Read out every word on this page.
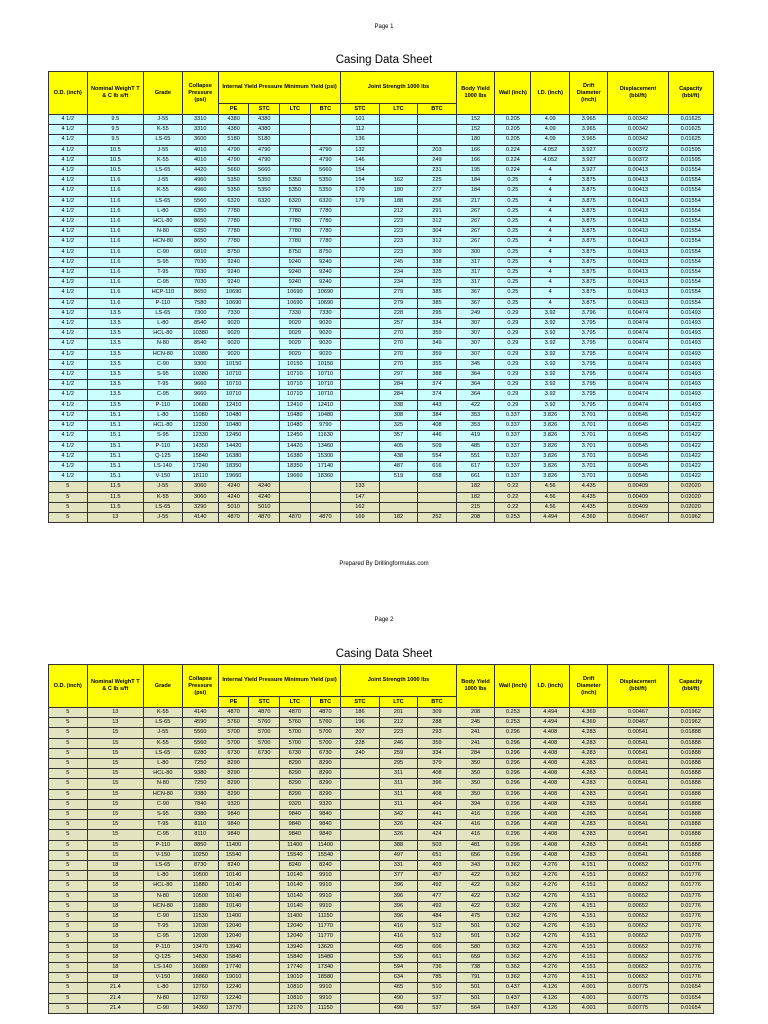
Page 1
Casing Data Sheet
O.D. (inch)	Nominal WeighT T & C lb s/ft	Grade	Collapse Pressure (psi)	Internal Yield Pressure Minimum Yield (psi)				Joint Strength 1000 lbs			Body Yield 1000 lbs	Wall (inch)	I.D. (inch)	Drift Diameter (inch)	Displacement (bbl/ft)	Capacity (bbl/ft)
				PE	STC	LTC	BTC	STC	LTC	BTC						
4 1/2	9.5	J-55	3310	4380	4380			101			152	0.205	4.09	3.965	0.00342	0.01625
4 1/2	9.5	K-55	3310	4380	4380			112			152	0.205	4.09	3.965	0.00342	0.01625
4 1/2	9.5	LS-65	3600	5180	5180			136			180	0.205	4.09	3.965	0.00342	0.01625
4 1/2	10.5	J-55	4010	4790	4790		4790	132		203	166	0.224	4.052	3.927	0.00372	0.01595
4 1/2	10.5	K-55	4010	4790	4790		4790	146		249	166	0.224	4.052	3.927	0.00372	0.01595
4 1/2	10.5	LS-65	4420	5660	5660		5660	154		231	195	0.224	4	3.927	0.00413	0.01554
4 1/2	11.6	J-55	4960	5350	5350	5350	5350	154	162	225	184	0.25	4	3.875	0.00413	0.01554
4 1/2	11.6	K-55	4960	5350	5350	5350	5350	170	180	277	184	0.25	4	3.875	0.00413	0.01554
4 1/2	11.6	LS-65	5560	6320	6320	6320	6320	179	188	256	217	0.25	4	3.875	0.00413	0.01554
4 1/2	11.6	L-80	6350	7780		7780	7780		212	291	267	0.25	4	3.875	0.00413	0.01554
4 1/2	11.6	HCL-80	8650	7780		7780	7780		223	312	267	0.25	4	3.875	0.00413	0.01554
4 1/2	11.6	N-80	6350	7780		7780	7780		223	304	267	0.25	4	3.875	0.00413	0.01554
4 1/2	11.6	HCN-80	8650	7780		7780	7780		223	312	267	0.25	4	3.875	0.00413	0.01554
4 1/2	11.6	C-90	6810	8750		8750	8750		223	309	300	0.25	4	3.875	0.00413	0.01554
4 1/2	11.6	S-95	7030	9240		9240	9240		245	338	317	0.25	4	3.875	0.00413	0.01554
4 1/2	11.6	T-95	7030	9240		9240	9240		234	325	317	0.25	4	3.875	0.00413	0.01554
4 1/2	11.6	C-95	7030	9240		9240	9240		234	325	317	0.25	4	3.875	0.00413	0.01554
4 1/2	11.6	HCP-110	8650	10690		10690	10690		279	385	367	0.25	4	3.875	0.00413	0.01554
4 1/2	11.6	P-110	7580	10690		10690	10690		279	385	367	0.25	4	3.875	0.00413	0.01554
4 1/2	13.5	LS-65	7300	7330		7330	7330		228	295	249	0.29	3.92	3.796	0.00474	0.01493
4 1/2	13.5	L-80	8540	9020		9020	9020		257	334	307	0.29	3.92	3.795	0.00474	0.01493
4 1/2	13.5	HCL-80	10380	9020		9020	9020		270	359	307	0.29	3.92	3.795	0.00474	0.01493
4 1/2	13.5	N-80	8540	9020		9020	9020		270	349	307	0.29	3.92	3.795	0.00474	0.01493
4 1/2	13.5	HCN-80	10380	9020		9020	9020		270	359	307	0.29	3.92	3.795	0.00474	0.01493
4 1/2	13.5	C-90	9300	10150		10150	10150		270	355	345	0.29	3.92	3.795	0.00474	0.01493
4 1/2	13.5	S-95	10380	10710		10710	10710		297	388	364	0.29	3.92	3.795	0.00474	0.01493
4 1/2	13.5	T-95	9660	10710		10710	10710		284	374	364	0.29	3.92	3.795	0.00474	0.01493
4 1/2	13.5	C-95	9660	10710		10710	10710		284	374	364	0.29	3.92	3.795	0.00474	0.01493
4 1/2	13.5	P-110	10680	12410		12410	12410		338	443	422	0.29	3.92	3.795	0.00474	0.01493
4 1/2	15.1	L-80	11080	10480		10480	10480		308	384	353	0.337	3.826	3.701	0.00545	0.01422
4 1/2	15.1	HCL-80	12330	10480		10480	9790		325	408	353	0.337	3.826	3.701	0.00545	0.01422
4 1/2	15.1	S-95	12330	12450		12450	11630		357	446	419	0.337	3.826	3.701	0.00545	0.01422
4 1/2	15.1	P-110	14350	14420		14420	13460		405	509	485	0.337	3.826	3.701	0.00545	0.01422
4 1/2	15.1	Q-125	15840	16380		16380	15300		438	554	551	0.337	3.826	3.701	0.00545	0.01422
4 1/2	15.1	LS-140	17240	18350		18350	17140		487	616	617	0.337	3.826	3.701	0.00545	0.01422
4 1/2	15.1	V-150	18110	19660		19660	18360		519	658	661	0.337	3.826	3.701	0.00545	0.01422
5	11.5	J-55	3060	4240	4240			133			182	0.22	4.56	4.435	0.00409	0.02020
5	11.5	K-55	3060	4240	4240			147			182	0.22	4.56	4.435	0.00409	0.02020
5	11.5	LS-65	3290	5010	5010			162			215	0.22	4.56	4.435	0.00409	0.02020
5	13	J-55	4140	4870	4870	4870	4870	169	182	252	208	0.253	4.494	4.369	0.00467	0.01962
Prepared By Drillingformulas.com
Page 2
Casing Data Sheet
O.D. (inch)	Nominal WeighT T & C lb s/ft	Grade	Collapse Pressure (psi)	Internal Yield Pressure Minimum Yield (psi)				Joint Strength 1000 lbs			Body Yield 1000 lbs	Wall (inch)	I.D. (inch)	Drift Diameter (inch)	Displacement (bbl/ft)	Capacity (bbl/ft)
				PE	STC	LTC	BTC	STC	LTC	BTC						
5	13	K-55	4140	4870	4870	4870	4870	186	201	309	208	0.253	4.494	4.369	0.00467	0.01962
5	13	LS-65	4590	5760	5760	5760	5760	196	212	288	245	0.253	4.494	4.369	0.00467	0.01962
5	15	J-55	5560	5700	5700	5700	5700	207	223	293	241	0.296	4.408	4.283	0.00541	0.01888
5	15	K-55	5560	5700	5700	5700	5700	228	246	359	241	0.296	4.408	4.283	0.00541	0.01888
5	15	LS-65	6280	6730	6730	6730	6730	240	259	334	284	0.296	4.408	4.283	0.00541	0.01888
5	15	L-80	7250	8290		8290	8290		295	379	350	0.296	4.408	4.283	0.00541	0.01888
5	15	HCL-80	9380	8290		8290	8290		311	408	350	0.296	4.408	4.283	0.00541	0.01888
5	15	N-80	7250	8290		8290	8290		311	396	350	0.296	4.408	4.283	0.00541	0.01888
5	15	HCN-80	9380	8290		8290	8290		311	408	350	0.296	4.408	4.283	0.00541	0.01888
5	15	C-90	7840	9320		9320	9320		311	404	394	0.296	4.408	4.283	0.00541	0.01888
5	15	S-95	9380	9840		9840	9840		342	441	416	0.296	4.408	4.283	0.00541	0.01888
5	15	T-95	8110	9840		9840	9840		326	424	416	0.296	4.408	4.283	0.00541	0.01888
5	15	C-95	8110	9840		9840	9840		326	424	416	0.296	4.408	4.283	0.00541	0.01888
5	15	P-110	8850	11400		11400	11400		388	503	481	0.296	4.408	4.283	0.00541	0.01888
5	15	V-150	10250	15540		15540	15540		497	651	656	0.296	4.408	4.283	0.00541	0.01888
5	18	LS-65	8730	8240		8240	8240		331	403	343	0.362	4.276	4.151	0.00652	0.01776
5	18	L-80	10500	10140		10140	9910		377	457	422	0.362	4.276	4.151	0.00652	0.01776
5	18	HCL-80	11880	10140		10140	9910		396	492	422	0.362	4.276	4.151	0.00652	0.01776
5	18	N-80	10500	10140		10140	9910		396	477	422	0.362	4.276	4.151	0.00652	0.01776
5	18	HCN-80	11880	10140		10140	9910		396	492	422	0.362	4.276	4.151	0.00652	0.01776
5	18	C-90	11530	11400		11400	11150		396	484	475	0.362	4.276	4.151	0.00652	0.01776
5	18	T-95	12030	12040		12040	11770		416	512	501	0.362	4.276	4.151	0.00652	0.01776
5	18	C-95	12030	12040		12040	11770		416	512	501	0.362	4.276	4.151	0.00652	0.01776
5	18	P-110	13470	13940		13940	13620		495	606	580	0.362	4.276	4.151	0.00652	0.01776
5	18	Q-125	14830	15840		15840	15480		536	661	659	0.362	4.276	4.151	0.00652	0.01776
5	18	LS-140	16080	17740		17740	17340		594	736	738	0.362	4.276	4.151	0.00652	0.01776
5	18	V-150	16860	19010		19010	18580		634	785	791	0.362	4.276	4.151	0.00652	0.01776
5	21.4	L-80	12760	12240		10810	9910		465	510	501	0.437	4.126	4.001	0.00775	0.01654
5	21.4	N-80	12760	12240		10810	9910		490	537	501	0.437	4.126	4.001	0.00775	0.01654
5	21.4	C-90	14360	13770		12170	11150		490	537	564	0.437	4.126	4.001	0.00775	0.01654
